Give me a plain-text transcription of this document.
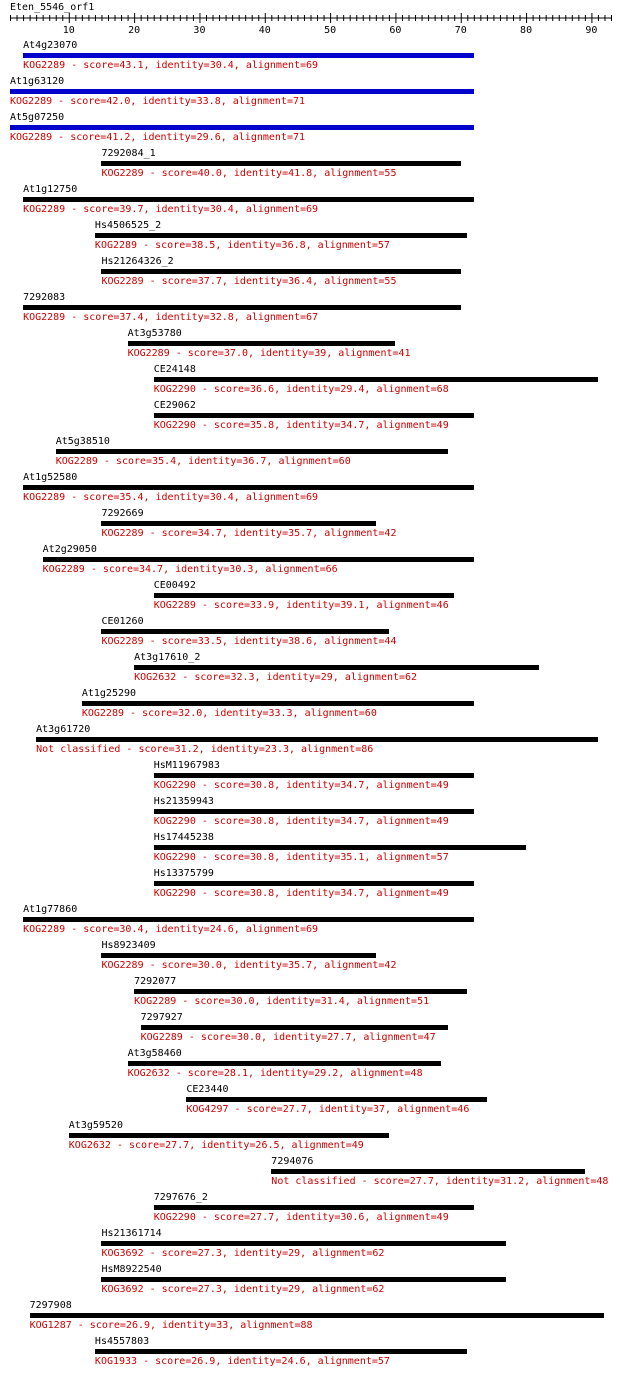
Eten_5546_orf1
10	20	30	40	50	60	70	80	90
At4g23070
KOG2289 - score=43.1, identity=30.4, alignment=69
At1g63120
KOG2289 - score=42.0, identity=33.8, alignment=71
At5g07250
KOG2289 - score=41.2, identity=29.6, alignment=71
7292084_1
KOG2289 - score=40.0, identity=41.8, alignment=55
At1g12750
KOG2289 - score=39.7, identity=30.4, alignment=69
Hs4506525_2
KOG2289 - score=38.5, identity=36.8, alignment=57
Hs21264326_2
KOG2289 - score=37.7, identity=36.4, alignment=55
7292083
KOG2289 - score=37.4, identity=32.8, alignment=67
At3g53780
KOG2289 - score=37.0, identity=39, alignment=41
CE24148
KOG2290 - score=36.6, identity=29.4, alignment=68
CE29062
KOG2290 - score=35.8, identity=34.7, alignment=49
At5g38510
KOG2289 - score=35.4, identity=36.7, alignment=60
At1g52580
KOG2289 - score=35.4, identity=30.4, alignment=69
7292669
KOG2289 - score=34.7, identity=35.7, alignment=42
At2g29050
KOG2289 - score=34.7, identity=30.3, alignment=66
CE00492
KOG2289 - score=33.9, identity=39.1, alignment=46
CE01260
KOG2289 - score=33.5, identity=38.6, alignment=44
At3g17610_2
KOG2632 - score=32.3, identity=29, alignment=62
At1g25290
KOG2289 - score=32.0, identity=33.3, alignment=60
At3g61720
Not classified - score=31.2, identity=23.3, alignment=86
HsM11967983
KOG2290 - score=30.8, identity=34.7, alignment=49
Hs21359943
KOG2290 - score=30.8, identity=34.7, alignment=49
Hs17445238
KOG2290 - score=30.8, identity=35.1, alignment=57
Hs13375799
KOG2290 - score=30.8, identity=34.7, alignment=49
At1g77860
KOG2289 - score=30.4, identity=24.6, alignment=69
Hs8923409
KOG2289 - score=30.0, identity=35.7, alignment=42
7292077
KOG2289 - score=30.0, identity=31.4, alignment=51
7297927
KOG2289 - score=30.0, identity=27.7, alignment=47
At3g58460
KOG2632 - score=28.1, identity=29.2, alignment=48
CE23440
KOG4297 - score=27.7, identity=37, alignment=46
At3g59520
KOG2632 - score=27.7, identity=26.5, alignment=49
7294076
Not classified - score=27.7, identity=31.2, alignment=48
7297676_2
KOG2290 - score=27.7, identity=30.6, alignment=49
Hs21361714
KOG3692 - score=27.3, identity=29, alignment=62
HsM8922540
KOG3692 - score=27.3, identity=29, alignment=62
7297908
KOG1287 - score=26.9, identity=33, alignment=88
Hs4557803
KOG1933 - score=26.9, identity=24.6, alignment=57
